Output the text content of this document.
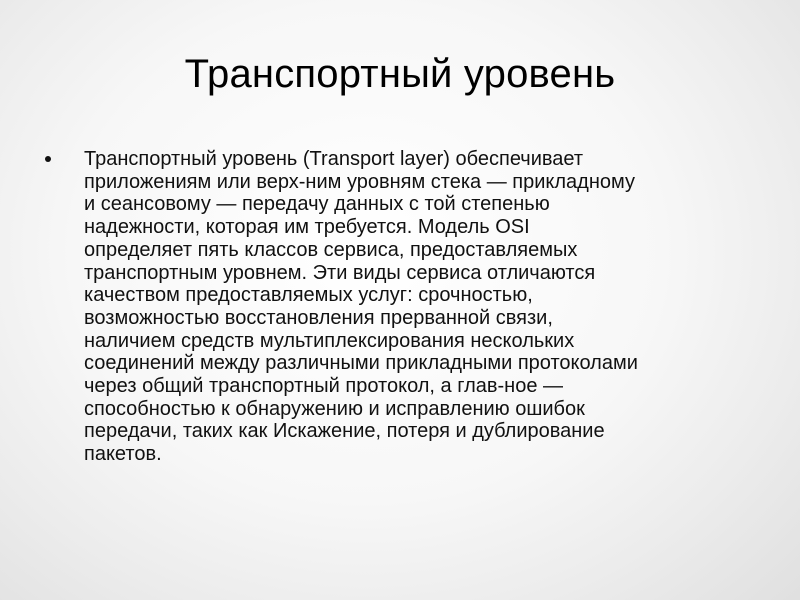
Транспортный уровень
Транспортный уровень (Transport layer) обеспечивает
приложениям или верх-ним уровням стека — прикладному
и сеансовому — передачу данных с той степенью
надежности, которая им требуется. Модель OSI
определяет пять классов сервиса, предоставляемых
транспортным уровнем. Эти виды сервиса отличаются
качеством предоставляемых услуг: срочностью,
возможностью восстановления прерванной связи,
наличием средств мультиплексирования нескольких
соединений между различными прикладными протоколами
через общий транспортный протокол, а глав-ное —
способностью к обнаружению и исправлению ошибок
передачи, таких как Искажение, потеря и дублирование
пакетов.
